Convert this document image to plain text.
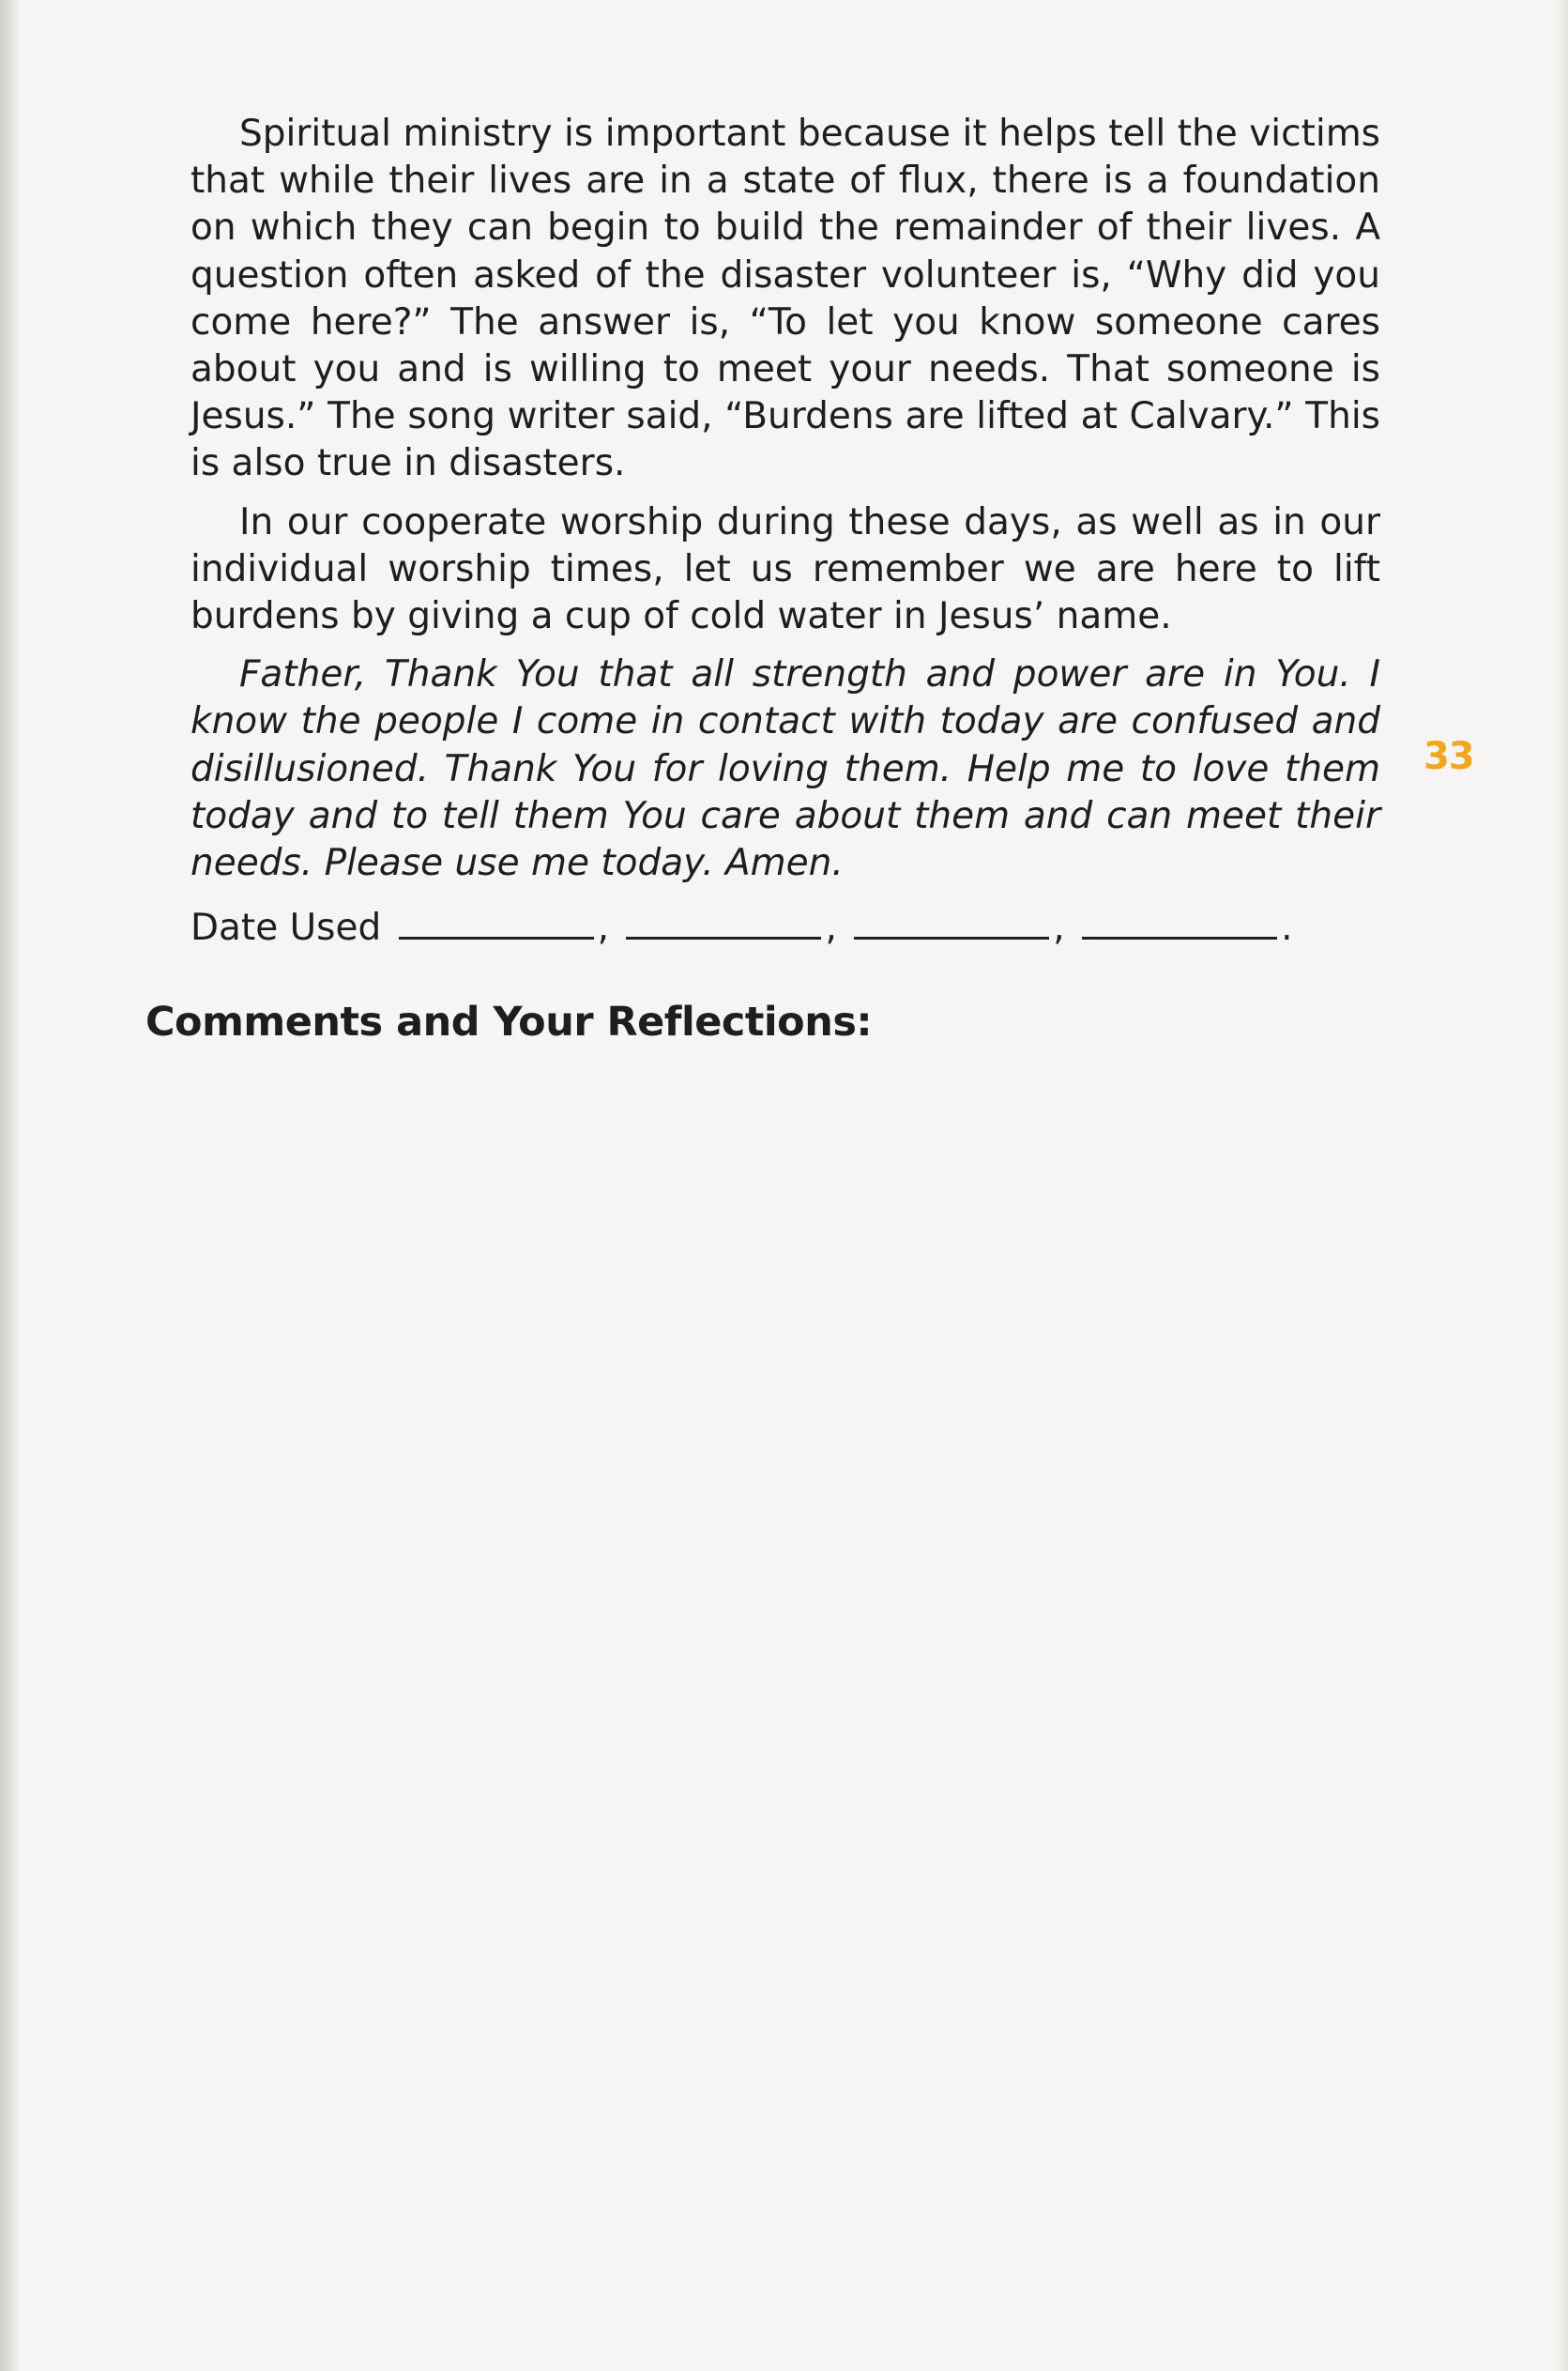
Spiritual ministry is important because it helps tell the victims that while their lives are in a state of flux, there is a foundation on which they can begin to build the remainder of their lives. A question often asked of the disaster volunteer is, “Why did you come here?” The answer is, “To let you know someone cares about you and is willing to meet your needs. That someone is Jesus.” The song writer said, “Burdens are lifted at Calvary.” This is also true in disasters.

In our cooperate worship during these days, as well as in our individual worship times, let us remember we are here to lift burdens by giving a cup of cold water in Jesus’ name.

Father, Thank You that all strength and power are in You. I know the people I come in contact with today are confused and disillusioned. Thank You for loving them. Help me to love them today and to tell them You care about them and can meet their needs. Please use me today. Amen.

Date Used	,	,	,	.
Comments and Your Reflections:
33
